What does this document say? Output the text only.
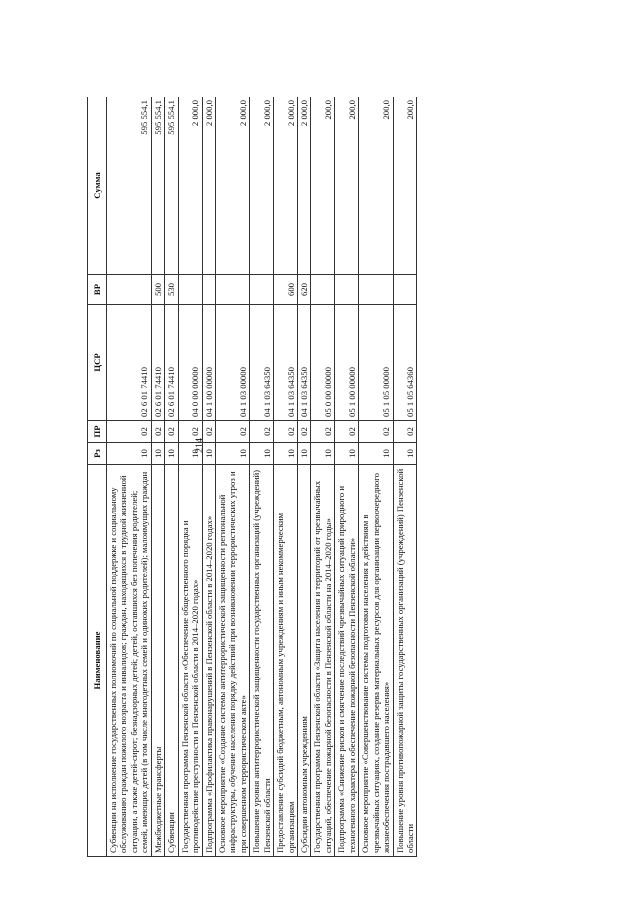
214
Наименование	Рз	ПР	ЦСР	ВР	Сумма
Субвенции на исполнение государственных полномочий по социальной поддержке и социальному обслуживанию граждан пожилого возраста и инвалидов; граждан, находящихся в трудной жизненной ситуации, а также детей-сирот; безнадзорных детей; детей, оставшихся без попечения родителей; семей, имеющих детей (в том числе многодетных семей и одиноких родителей); малоимущих граждан	10	02	02 6 01 74410		595 554,1
Межбюджетные трансферты	10	02	02 6 01 74410	500	595 554,1
Субвенции	10	02	02 6 01 74410	530	595 554,1
Государственная программа Пензенской области «Обеспечение общественного порядка и противодействие преступности в Пензенской области в 2014–2020 годах»	10	02	04 0 00 00000		2 000,0
Подпрограмма «Профилактика правонарушений в Пензенской области в 2014–2020 годах»	10	02	04 1 00 00000		2 000,0
Основное мероприятие «Создание системы антитеррористической защищенности региональной инфраструктуры, обучение населения порядку действий при возникновении террористических угроз и при совершенном террористическом акте»	10	02	04 1 03 00000		2 000,0
Повышение уровня антитеррористической защищенности государственных организаций (учреждений) Пензенской области	10	02	04 1 03 64350		2 000,0
Предоставление субсидий бюджетным, автономным учреждениям и иным некоммерческим организациям	10	02	04 1 03 64350	600	2 000,0
Субсидии автономным учреждениям	10	02	04 1 03 64350	620	2 000,0
Государственная программа Пензенской области «Защита населения и территорий от чрезвычайных ситуаций, обеспечение пожарной безопасности в Пензенской области на 2014–2020 годы»	10	02	05 0 00 00000		200,0
Подпрограмма «Снижение рисков и смягчение последствий чрезвычайных ситуаций природного и техногенного характера и обеспечение пожарной безопасности Пензенской области»	10	02	05 1 00 00000		200,0
Основное мероприятие «Совершенствование системы подготовки населения к действиям в чрезвычайных ситуациях, создание резерва материальных ресурсов для организации первоочередного жизнеобеспечения пострадавшего населения»	10	02	05 1 05 00000		200,0
Повышение уровня противопожарной защиты государственных организаций (учреждений) Пензенской области	10	02	05 1 05 64360		200,0
